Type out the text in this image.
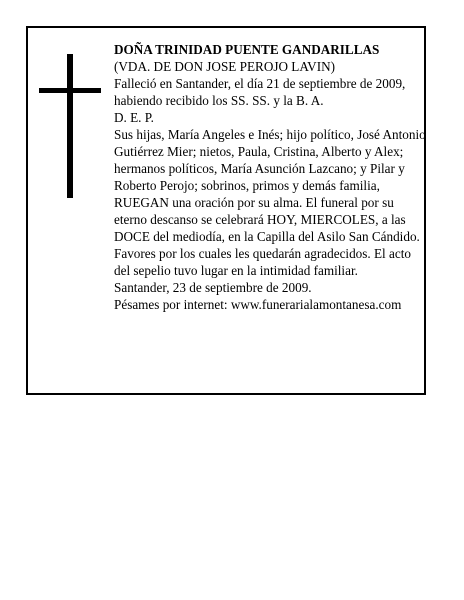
DOÑA TRINIDAD PUENTE GANDARILLAS

(VDA. DE DON JOSE PEROJO LAVIN)

Falleció en Santander, el día 21 de septiembre de 2009, habiendo recibido los SS. SS. y la B. A.

D. E. P.

Sus hijas, María Angeles e Inés; hijo político, José Antonio Gutiérrez Mier; nietos, Paula, Cristina, Alberto y Alex; hermanos políticos, María Asunción Lazcano; y Pilar y Roberto Perojo; sobrinos, primos y demás familia,

RUEGAN una oración por su alma. El funeral por su eterno descanso se celebrará HOY, MIERCOLES, a las DOCE del mediodía, en la Capilla del Asilo San Cándido. Favores por los cuales les quedarán agradecidos. El acto del sepelio tuvo lugar en la intimidad familiar.

Santander, 23 de septiembre de 2009.

Pésames por internet: www.funerarialamontanesa.com
